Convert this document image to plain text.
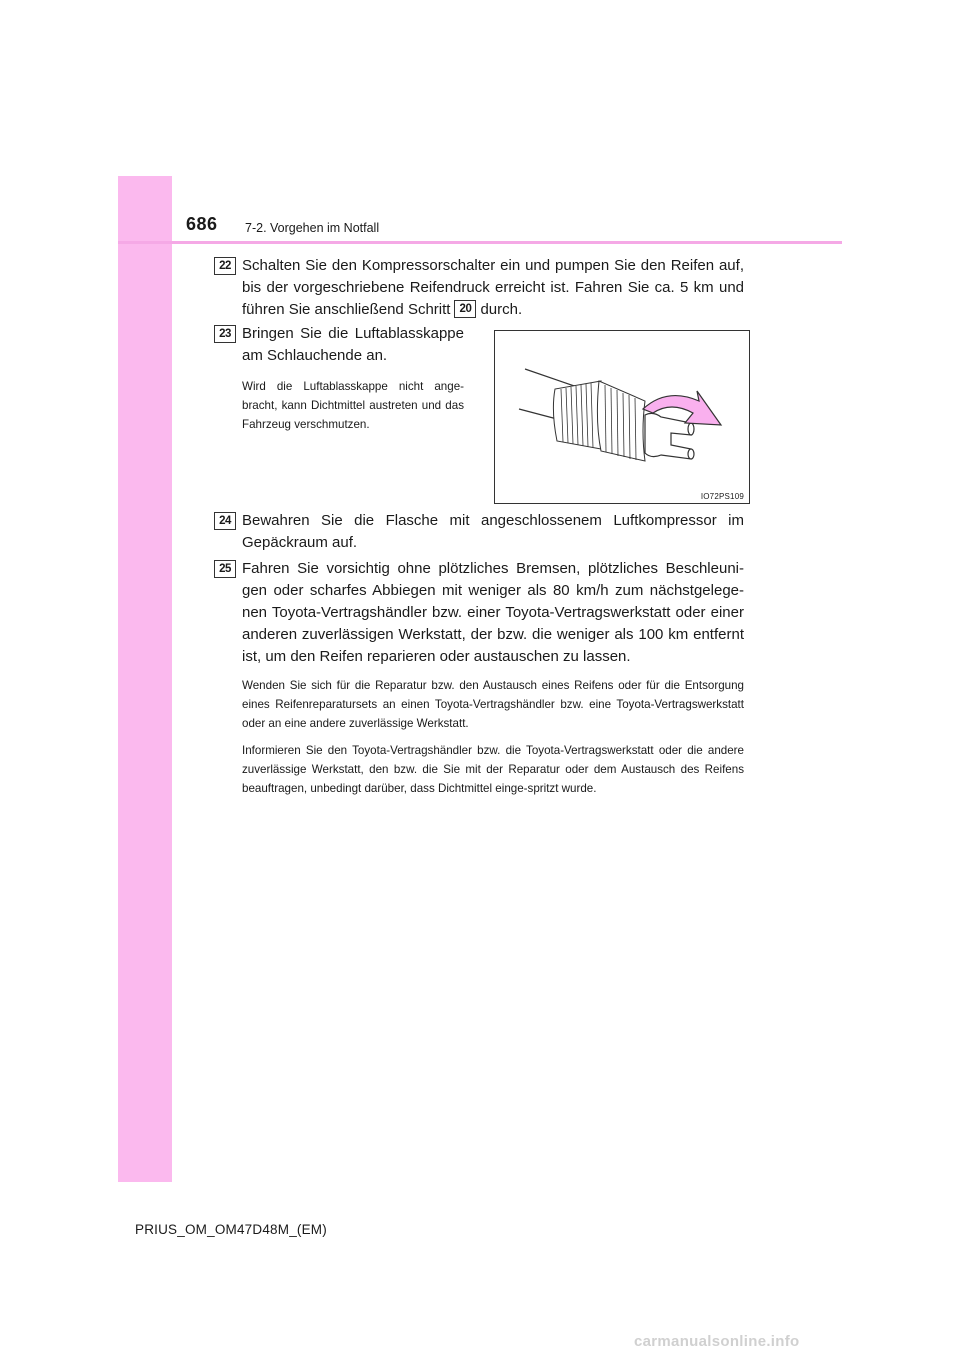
686 7-2. Vorgehen im Notfall
22 Schalten Sie den Kompressorschalter ein und pumpen Sie den Reifen auf, bis der vorgeschriebene Reifendruck erreicht ist. Fahren Sie ca. 5 km und führen Sie anschließend Schritt 20 durch.
23 Bringen Sie die Luftablasskappe am Schlauchende an.
Wird die Luftablasskappe nicht ange-bracht, kann Dichtmittel austreten und das Fahrzeug verschmutzen.
IO72PS109
24 Bewahren Sie die Flasche mit angeschlossenem Luftkompressor im Gepäckraum auf.
25 Fahren Sie vorsichtig ohne plötzliches Bremsen, plötzliches Beschleuni-gen oder scharfes Abbiegen mit weniger als 80 km/h zum nächstgelege-nen Toyota-Vertragshändler bzw. einer Toyota-Vertragswerkstatt oder einer anderen zuverlässigen Werkstatt, der bzw. die weniger als 100 km entfernt ist, um den Reifen reparieren oder austauschen zu lassen.
Wenden Sie sich für die Reparatur bzw. den Austausch eines Reifens oder für die Entsorgung eines Reifenreparatursets an einen Toyota-Vertragshändler bzw. eine Toyota-Vertragswerkstatt oder an eine andere zuverlässige Werkstatt.
Informieren Sie den Toyota-Vertragshändler bzw. die Toyota-Vertragswerkstatt oder die andere zuverlässige Werkstatt, den bzw. die Sie mit der Reparatur oder dem Austausch des Reifens beauftragen, unbedingt darüber, dass Dichtmittel einge-spritzt wurde.
PRIUS_OM_OM47D48M_(EM)
carmanualsonline.info
